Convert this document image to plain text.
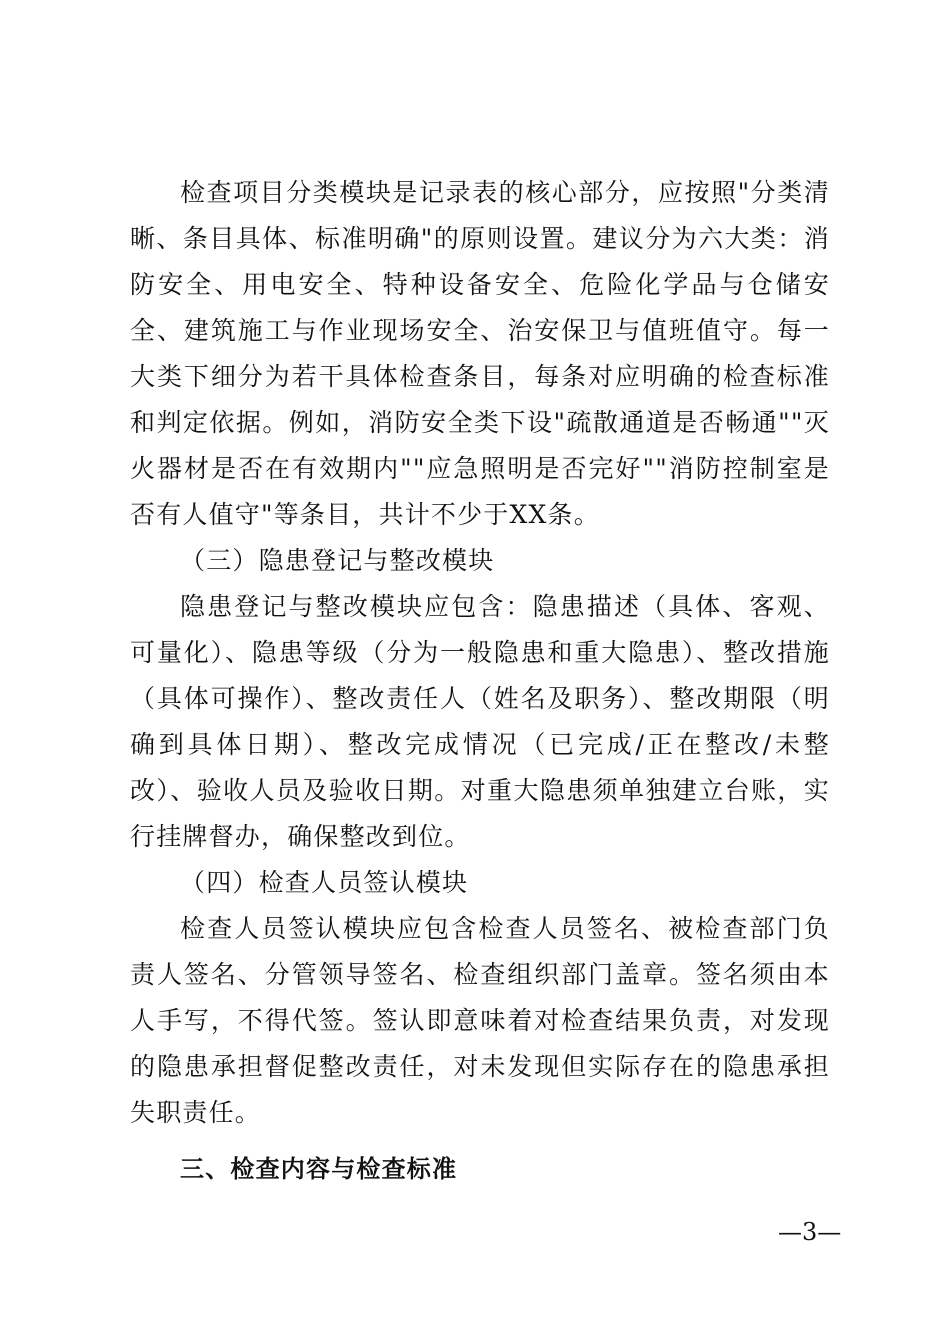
检查项目分类模块是记录表的核心部分，应按照"分类清晰、条目具体、标准明确"的原则设置。建议分为六大类：消防安全、用电安全、特种设备安全、危险化学品与仓储安全、建筑施工与作业现场安全、治安保卫与值班值守。每一大类下细分为若干具体检查条目，每条对应明确的检查标准和判定依据。例如，消防安全类下设"疏散通道是否畅通""灭火器材是否在有效期内""应急照明是否完好""消防控制室是否有人值守"等条目，共计不少于XX条。

（三）隐患登记与整改模块

隐患登记与整改模块应包含：隐患描述（具体、客观、可量化）、隐患等级（分为一般隐患和重大隐患）、整改措施（具体可操作）、整改责任人（姓名及职务）、整改期限（明确到具体日期）、整改完成情况（已完成/正在整改/未整改）、验收人员及验收日期。对重大隐患须单独建立台账，实行挂牌督办，确保整改到位。

（四）检查人员签认模块

检查人员签认模块应包含检查人员签名、被检查部门负责人签名、分管领导签名、检查组织部门盖章。签名须由本人手写，不得代签。签认即意味着对检查结果负责，对发现的隐患承担督促整改责任，对未发现但实际存在的隐患承担失职责任。

三、检查内容与检查标准

—3—
